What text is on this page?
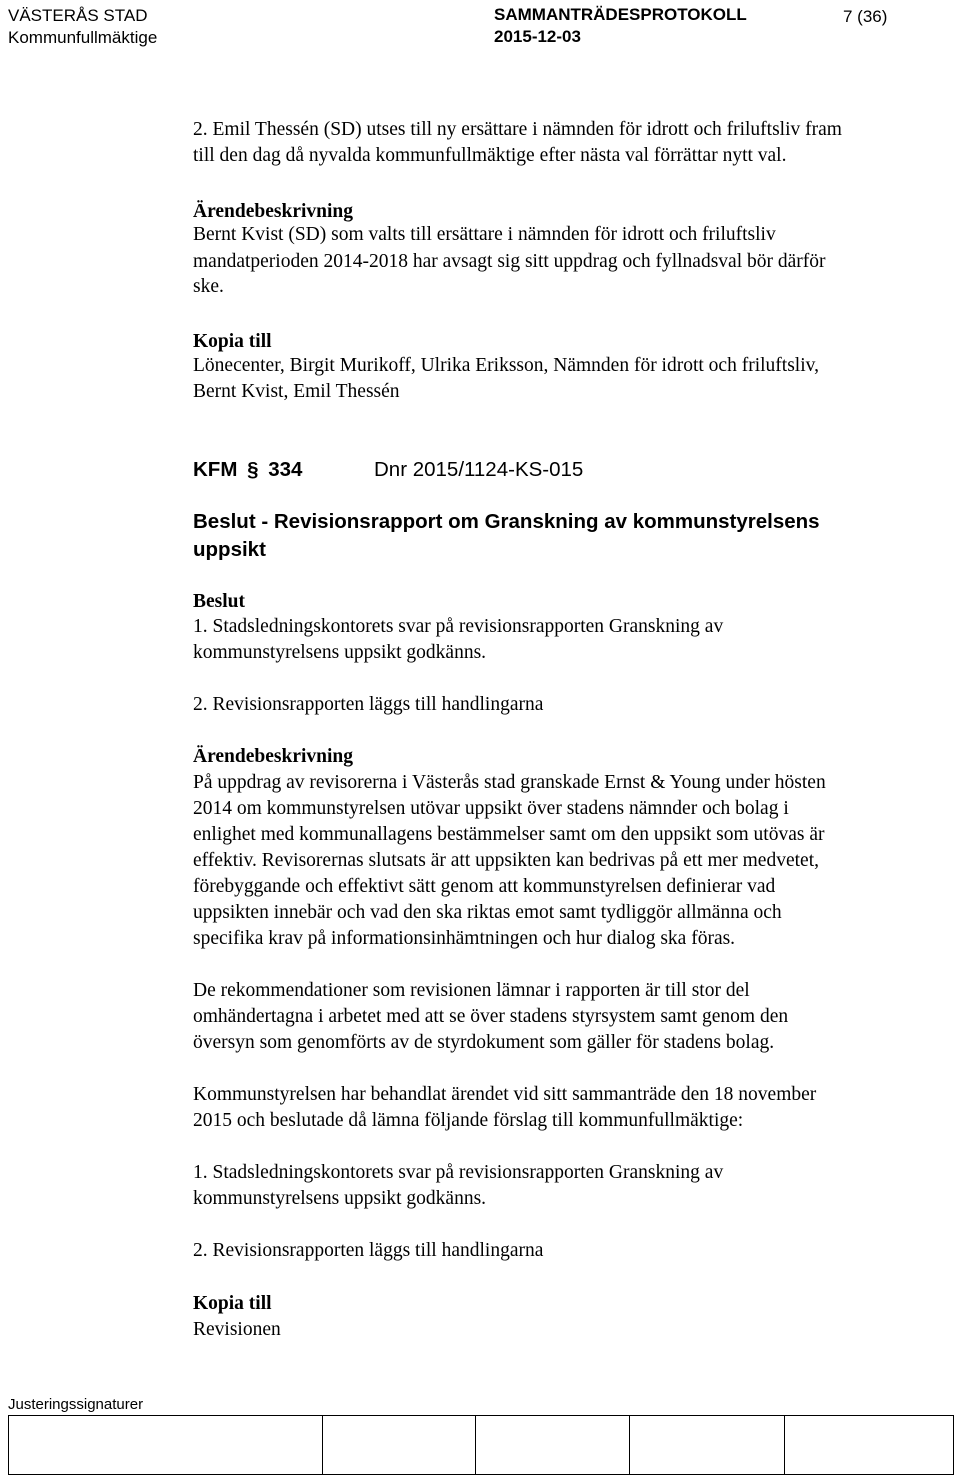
VÄSTERÅS STAD
Kommunfullmäktige
SAMMANTRÄDESPROTOKOLL
2015-12-03
7 (36)
2. Emil Thessén (SD) utses till ny ersättare i nämnden för idrott och friluftsliv fram
till den dag då nyvalda kommunfullmäktige efter nästa val förrättar nytt val.
Ärendebeskrivning
Bernt Kvist (SD) som valts till ersättare i nämnden för idrott och friluftsliv
mandatperioden 2014-2018 har avsagt sig sitt uppdrag och fyllnadsval bör därför
ske.
Kopia till
Lönecenter, Birgit Murikoff, Ulrika Eriksson, Nämnden för idrott och friluftsliv,
Bernt Kvist, Emil Thessén
KFM § 334	Dnr 2015/1124-KS-015
Beslut - Revisionsrapport om Granskning av kommunstyrelsens
uppsikt
Beslut
1. Stadsledningskontorets svar på revisionsrapporten Granskning av
kommunstyrelsens uppsikt godkänns.
2. Revisionsrapporten läggs till handlingarna
Ärendebeskrivning
På uppdrag av revisorerna i Västerås stad granskade Ernst & Young under hösten
2014 om kommunstyrelsen utövar uppsikt över stadens nämnder och bolag i
enlighet med kommunallagens bestämmelser samt om den uppsikt som utövas är
effektiv. Revisorernas slutsats är att uppsikten kan bedrivas på ett mer medvetet,
förebyggande och effektivt sätt genom att kommunstyrelsen definierar vad
uppsikten innebär och vad den ska riktas emot samt tydliggör allmänna och
specifika krav på informationsinhämtningen och hur dialog ska föras.
De rekommendationer som revisionen lämnar i rapporten är till stor del
omhändertagna i arbetet med att se över stadens styrsystem samt genom den
översyn som genomförts av de styrdokument som gäller för stadens bolag.
Kommunstyrelsen har behandlat ärendet vid sitt sammanträde den 18 november
2015 och beslutade då lämna följande förslag till kommunfullmäktige:
1. Stadsledningskontorets svar på revisionsrapporten Granskning av
kommunstyrelsens uppsikt godkänns.
2. Revisionsrapporten läggs till handlingarna
Kopia till
Revisionen
Justeringssignaturer
